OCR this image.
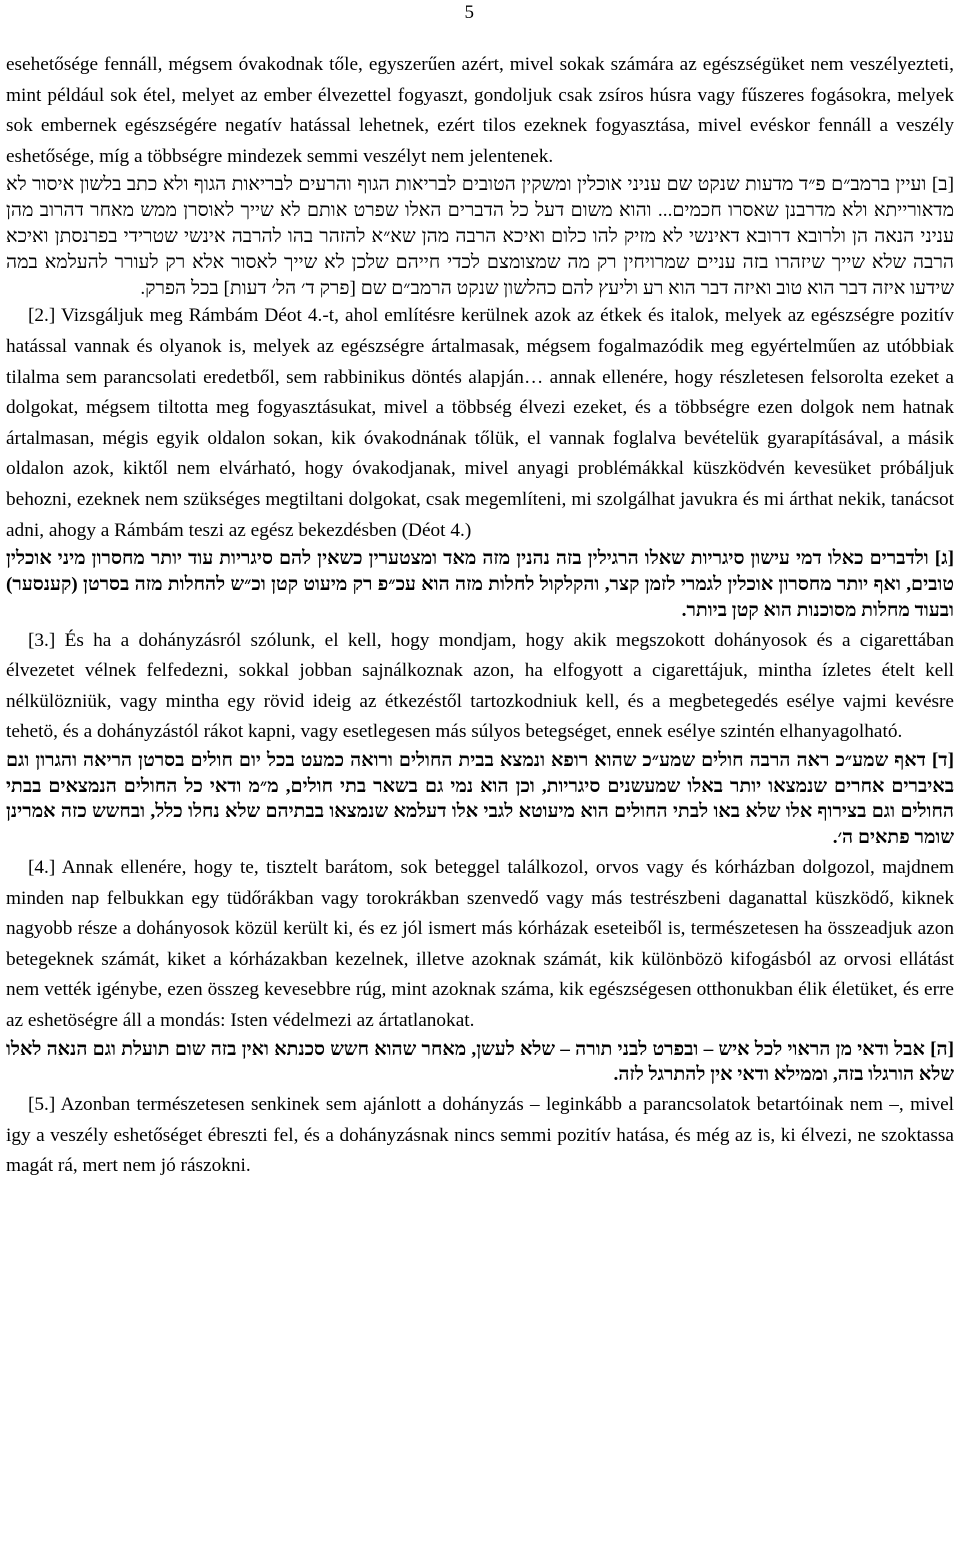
5

esehetősége fennáll, mégsem óvakodnak tőle, egyszerűen azért, mivel sokak számára az egészségüket nem veszélyezteti, mint például sok étel, melyet az ember élvezettel fogyaszt, gondoljuk csak zsíros húsra vagy fűszeres fogásokra, melyek sok embernek egészségére negatív hatással lehetnek, ezért tilos ezeknek fogyasztása, mivel evéskor fennáll a veszély eshetősége, míg a többségre mindezek semmi veszélyt nem jelentenek.

[ב] ועיין ברמב״ם פ״ד מדעות שנקט שם עניני אוכלין ומשקין הטובים לבריאות הגוף והרעים לבריאות הגוף ולא כתב בלשון איסור לא מדאורייתא ולא מדרבנן שאסרו חכמים... והוא משום דעל כל הדברים האלו שפרט אותם לא שייך לאוסרן ממש מאחר דהרוב מהן עניני הנאה הן ולרובא דרובא דאינשי לא מזיק להו כלום ואיכא הרבה מהן שא״א להזהר בהו להרבה אינשי שטרידי בפרנסתן ואיכא הרבה שלא שייך שיזהרו בזה עניים שמרויחין רק מה שמצומצם לכדי חייהם שלכן לא שייך לאסור אלא רק לעורר להעלמא במה שידעו איזה דבר הוא טוב ואיזה דבר הוא רע וליעץ להם כהלשון שנקט הרמב״ם שם [פרק ד׳ הל׳ דעות] בכל הפרק.

[2.] Vizsgáljuk meg Rámbám Déot 4.-t, ahol említésre kerülnek azok az étkek és italok, melyek az egészségre pozitív hatással vannak és olyanok is, melyek az egészségre ártalmasak, mégsem fogalmazódik meg egyértelműen az utóbbiak tilalma sem parancsolati eredetből, sem rabbinikus döntés alapján… annak ellenére, hogy részletesen felsorolta ezeket a dolgokat, mégsem tiltotta meg fogyasztásukat, mivel a többség élvezi ezeket, és a többségre ezen dolgok nem hatnak ártalmasan, mégis egyik oldalon sokan, kik óvakodnának tőlük, el vannak foglalva bevételük gyarapításával, a másik oldalon azok, kiktől nem elvárható, hogy óvakodjanak, mivel anyagi problémákkal küszködvén kevesüket próbáljuk behozni, ezeknek nem szükséges megtiltani dolgokat, csak megemlíteni, mi szolgálhat javukra és mi árthat nekik, tanácsot adni, ahogy a Rámbám teszi az egész bekezdésben (Déot 4.)

[ג] ולדברים כאלו דמי עישון סיגריות שאלו הרגילין בזה נהנין מזה מאד ומצטערין כשאין להם סיגריות עוד יותר מחסרון מיני אוכלין טובים, ואף יותר מחסרון אוכלין לגמרי לזמן קצר, והקלקול לחלות מזה הוא עכ״פ רק מיעוט קטן וכ״ש להחלות מזה בסרטן (קענסער) ובעוד מחלות מסוכנות הוא קטן ביותר.

[3.] És ha a dohányzásról szólunk, el kell, hogy mondjam, hogy akik megszokott dohányosok és a cigarettában élvezetet vélnek felfedezni, sokkal jobban sajnálkoznak azon, ha elfogyott a cigarettájuk, mintha ízletes ételt kell nélkülözniük, vagy mintha egy rövid ideig az étkezéstől tartozkodniuk kell, és a megbetegedés esélye vajmi kevésre tehetö, és a dohányzástól rákot kapni, vagy esetlegesen más súlyos betegséget, ennek esélye szintén elhanyagolható.

[ד] דאף שמע״כ ראה הרבה חולים שמע״כ שהוא רופא ונמצא בבית החולים ורואה כמעט בכל יום חולים בסרטן הריאה והגרון וגם באיברים אחרים שנמצאו יותר באלו שמעשנים סיגריות, וכן הוא נמי גם בשאר בתי חולים, מ״מ ודאי כל החולים הנמצאים בבתי החולים וגם בצירוף אלו שלא באו לבתי החולים הוא מיעוטא לגבי אלו דעלמא שנמצאו בבתיהם שלא נחלו כלל, ובחשש כזה אמרינן שומר פתאים ה׳.

[4.] Annak ellenére, hogy te, tisztelt barátom, sok beteggel találkozol, orvos vagy és kórházban dolgozol, majdnem minden nap felbukkan egy tüdőrákban vagy torokrákban szenvedő vagy más testrészbeni daganattal küszködő, kiknek nagyobb része a dohányosok közül került ki, és ez jól ismert más kórházak eseteiből is, természetesen ha összeadjuk azon betegeknek számát, kiket a kórházakban kezelnek, illetve azoknak számát, kik különbözö kifogásból az orvosi ellátást nem vették igénybe, ezen összeg kevesebbre rúg, mint azoknak száma, kik egészségesen otthonukban élik életüket, és erre az eshetöségre áll a mondás: Isten védelmezi az ártatlanokat.

[ה] אבל ודאי מן הראוי לכל איש – ובפרט לבני תורה – שלא לעשן, מאחר שהוא חשש סכנתא ואין בזה שום תועלת וגם הנאה לאלו שלא הורגלו בזה, וממילא ודאי אין להתרגל לזה.

[5.] Azonban természetesen senkinek sem ajánlott a dohányzás – leginkább a parancsolatok betartóinak nem –, mivel igy a veszély eshetőséget ébreszti fel, és a dohányzásnak nincs semmi pozitív hatása, és még az is, ki élvezi, ne szoktassa magát rá, mert nem jó rászokni.
